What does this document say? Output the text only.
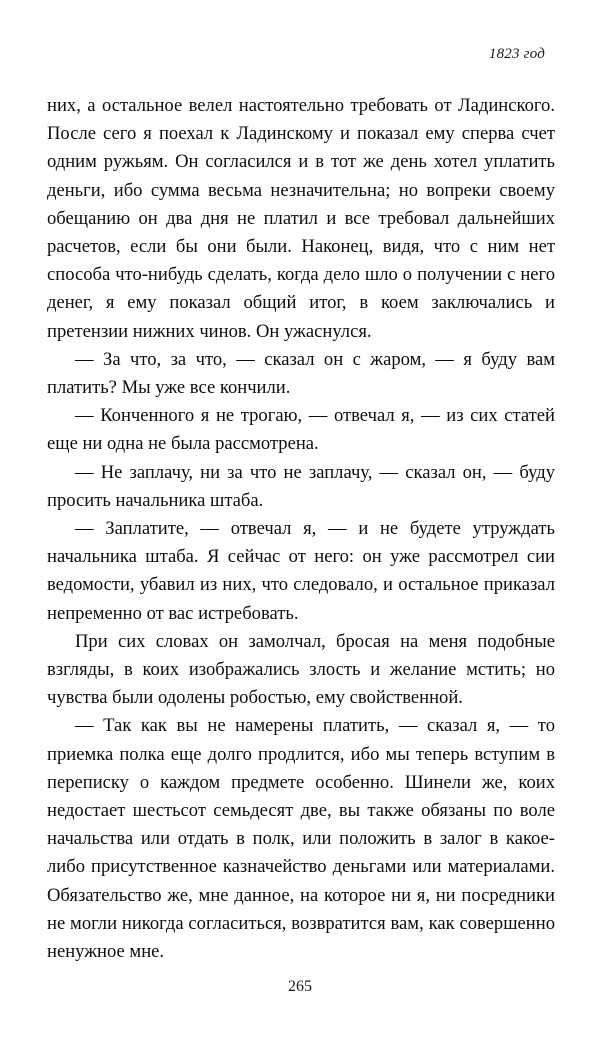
1823 год

них, а остальное велел настоятельно требовать от Ладинского. После сего я поехал к Ладинскому и показал ему сперва счет одним ружьям. Он согласился и в тот же день хотел уплатить деньги, ибо сумма весьма незначительна; но вопреки своему обещанию он два дня не платил и все требовал дальнейших расчетов, если бы они были. Наконец, видя, что с ним нет способа что-нибудь сделать, когда дело шло о получении с него денег, я ему показал общий итог, в коем заключались и претензии нижних чинов. Он ужаснулся.

— За что, за что, — сказал он с жаром, — я буду вам платить? Мы уже все кончили.

— Конченного я не трогаю, — отвечал я, — из сих статей еще ни одна не была рассмотрена.

— Не заплачу, ни за что не заплачу, — сказал он, — буду просить начальника штаба.

— Заплатите, — отвечал я, — и не будете утруждать начальника штаба. Я сейчас от него: он уже рассмотрел сии ведомости, убавил из них, что следовало, и остальное приказал непременно от вас истребовать.

При сих словах он замолчал, бросая на меня подобные взгляды, в коих изображались злость и желание мстить; но чувства были одолены робостью, ему свойственной.

— Так как вы не намерены платить, — сказал я, — то приемка полка еще долго продлится, ибо мы теперь вступим в переписку о каждом предмете особенно. Шинели же, коих недостает шестьсот семьдесят две, вы также обязаны по воле начальства или отдать в полк, или положить в залог в какое-либо присутственное казначейство деньгами или материалами. Обязательство же, мне данное, на которое ни я, ни посредники не могли никогда согласиться, возвратится вам, как совершенно ненужное мне.

265
